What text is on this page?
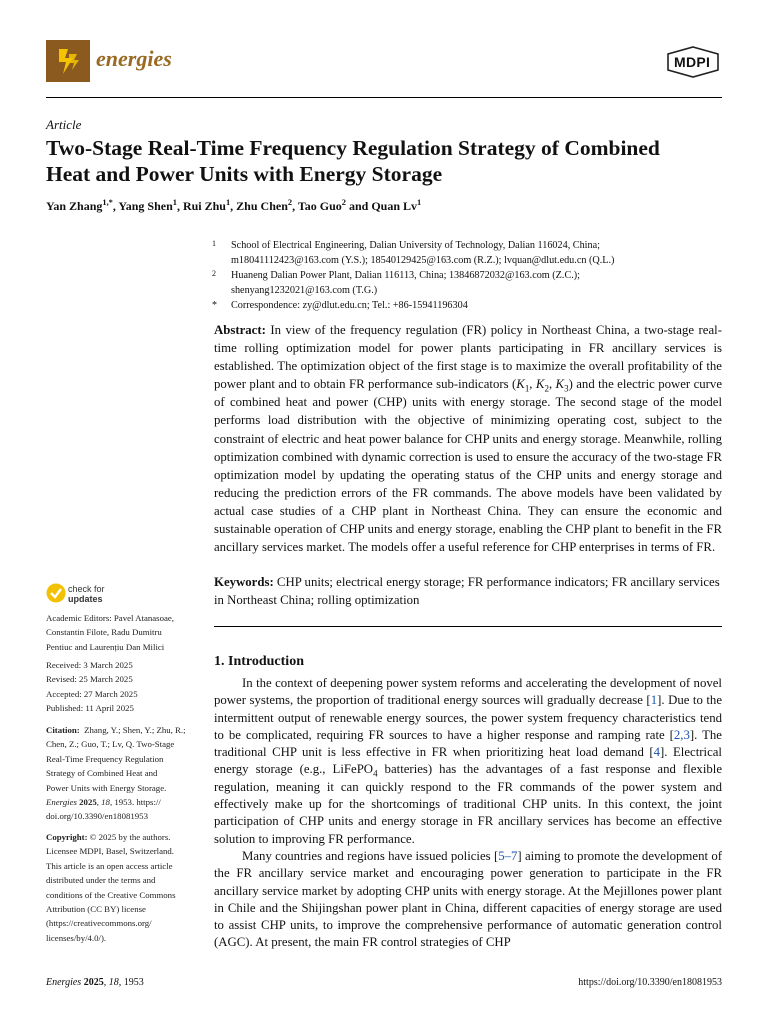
energies	MDPI
Article
Two-Stage Real-Time Frequency Regulation Strategy of Combined Heat and Power Units with Energy Storage
Yan Zhang$^{1,*}$, Yang Shen$^1$, Rui Zhu$^1$, Zhu Chen$^2$, Tao Guo$^2$ and Quan Lv$^1$
1 School of Electrical Engineering, Dalian University of Technology, Dalian 116024, China;
m18041112423@163.com (Y.S.); 18540129425@163.com (R.Z.); lvquan@dlut.edu.cn (Q.L.)
2 Huaneng Dalian Power Plant, Dalian 116113, China; 13846872032@163.com (Z.C.);
shenyang1232021@163.com (T.G.)
* Correspondence: zy@dlut.edu.cn; Tel.: +86-15941196304
Abstract: In view of the frequency regulation (FR) policy in Northeast China, a two-stage real-time rolling optimization model for power plants participating in FR ancillary services is established. The optimization object of the first stage is to maximize the overall profitability of the power plant and to obtain FR performance sub-indicators ($K_1$, $K_2$, $K_3$) and the electric power curve of combined heat and power (CHP) units with energy storage. The second stage of the model performs load distribution with the objective of minimizing operating cost, subject to the constraint of electric and heat power balance for CHP units and energy storage. Meanwhile, rolling optimization combined with dynamic correction is used to ensure the accuracy of the two-stage FR optimization model by updating the operating status of the CHP units and energy storage and reducing the prediction errors of the FR commands. The above models have been validated by actual case studies of a CHP plant in Northeast China. They can ensure the economic and sustainable operation of CHP units and energy storage, enabling the CHP plant to benefit in the FR ancillary services market. The models offer a useful reference for CHP enterprises in terms of FR.
Keywords: CHP units; electrical energy storage; FR performance indicators; FR ancillary services in Northeast China; rolling optimization
check for
updates
Academic Editors: Pavel Atanasoae,
Constantin Filote, Radu Dumitru
Pentiuc and Laurențiu Dan Milici
Received: 3 March 2025
Revised: 25 March 2025
Accepted: 27 March 2025
Published: 11 April 2025
Citation: Zhang, Y.; Shen, Y.; Zhu, R.;
Chen, Z.; Guo, T.; Lv, Q. Two-Stage
Real-Time Frequency Regulation
Strategy of Combined Heat and
Power Units with Energy Storage.
Energies 2025, 18, 1953. https://
doi.org/10.3390/en18081953
Copyright: © 2025 by the authors.
Licensee MDPI, Basel, Switzerland.
This article is an open access article
distributed under the terms and
conditions of the Creative Commons
Attribution (CC BY) license
(https://creativecommons.org/
licenses/by/4.0/).
1. Introduction

In the context of deepening power system reforms and accelerating the development of novel power systems, the proportion of traditional energy sources will gradually decrease [1]. Due to the intermittent output of renewable energy sources, the power system frequency characteristics tend to be complicated, requiring FR sources to have a higher response and ramping rate [2,3]. The traditional CHP unit is less effective in FR when prioritizing heat load demand [4]. Electrical energy storage (e.g., LiFePO$_4$ batteries) has the advantages of a fast response and flexible regulation, meaning it can quickly respond to the FR commands of the power system and effectively make up for the shortcomings of traditional CHP units. In this context, the joint participation of CHP units and energy storage in FR ancillary services has become an effective solution to improving FR performance.

Many countries and regions have issued policies [5–7] aiming to promote the development of the FR ancillary service market and encouraging power generation to participate in the FR ancillary service market by adopting CHP units with energy storage. At the Mejillones power plant in Chile and the Shijingshan power plant in China, different capacities of energy storage are used to assist CHP units, to improve the comprehensive performance of automatic generation control (AGC). At present, the main FR control strategies of CHP

Energies 2025, 18, 1953	https://doi.org/10.3390/en18081953
